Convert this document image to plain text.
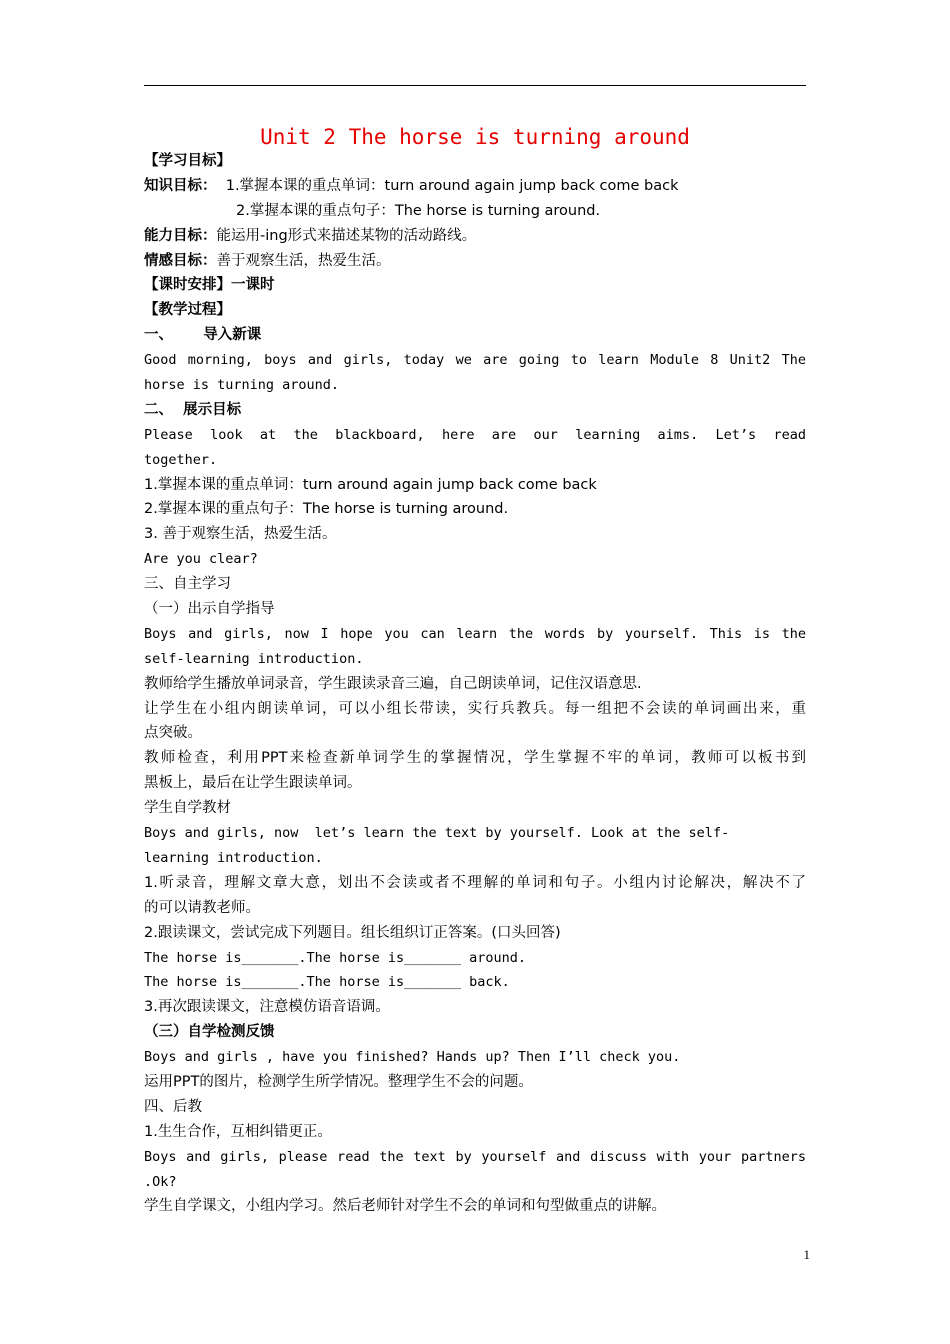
Unit 2 The horse is turning around
【学习目标】
知识目标：  1.掌握本课的重点单词：turn around again jump back come back
2.掌握本课的重点句子：The horse is turning around.
能力目标：能运用-ing形式来描述某物的活动路线。
情感目标：善于观察生活，热爱生活。
【课时安排】一课时
【教学过程】
一、      导入新课
Good morning, boys and girls, today we are going to learn Module 8 Unit2 The
horse is turning around.
二、  展示目标
Please look at the blackboard, here are our learning aims. Let’s read
together.
1.掌握本课的重点单词：turn around again jump back come back
2.掌握本课的重点句子：The horse is turning around.
3. 善于观察生活，热爱生活。
Are you clear?
三、自主学习
（一）出示自学指导
Boys and girls, now I hope you can learn the words by yourself. This is the
self-learning introduction.
教师给学生播放单词录音，学生跟读录音三遍，自己朗读单词，记住汉语意思.
让学生在小组内朗读单词，可以小组长带读，实行兵教兵。每一组把不会读的单词画出来，重
点突破。
教师检查，利用PPT来检查新单词学生的掌握情况，学生掌握不牢的单词，教师可以板书到
黑板上，最后在让学生跟读单词。
学生自学教材
Boys and girls, now  let’s learn the text by yourself. Look at the self-
learning introduction.
1.听录音，理解文章大意，划出不会读或者不理解的单词和句子。小组内讨论解决，解决不了
的可以请教老师。
2.跟读课文，尝试完成下列题目。组长组织订正答案。(口头回答)
The horse is_______.The horse is_______ around.
The horse is_______.The horse is_______ back.
3.再次跟读课文，注意模仿语音语调。
（三）自学检测反馈
Boys and girls , have you finished? Hands up? Then I’ll check you.
运用PPT的图片，检测学生所学情况。整理学生不会的问题。
四、后教
1.生生合作，互相纠错更正。
Boys and girls, please read the text by yourself and discuss with your partners
.Ok?
学生自学课文，小组内学习。然后老师针对学生不会的单词和句型做重点的讲解。
1
